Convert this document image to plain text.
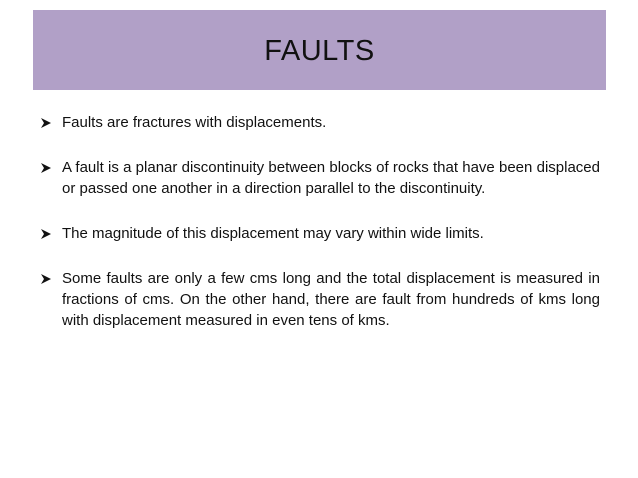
FAULTS
Faults are fractures with displacements.
A fault is a planar discontinuity between blocks of rocks that have been displaced or passed one another in a direction parallel to the discontinuity.
The magnitude of this displacement may vary within wide limits.
Some faults are only a few cms long and the total displacement is measured in fractions of cms. On the other hand, there are fault from hundreds of kms long with displacement measured in even tens of kms.
